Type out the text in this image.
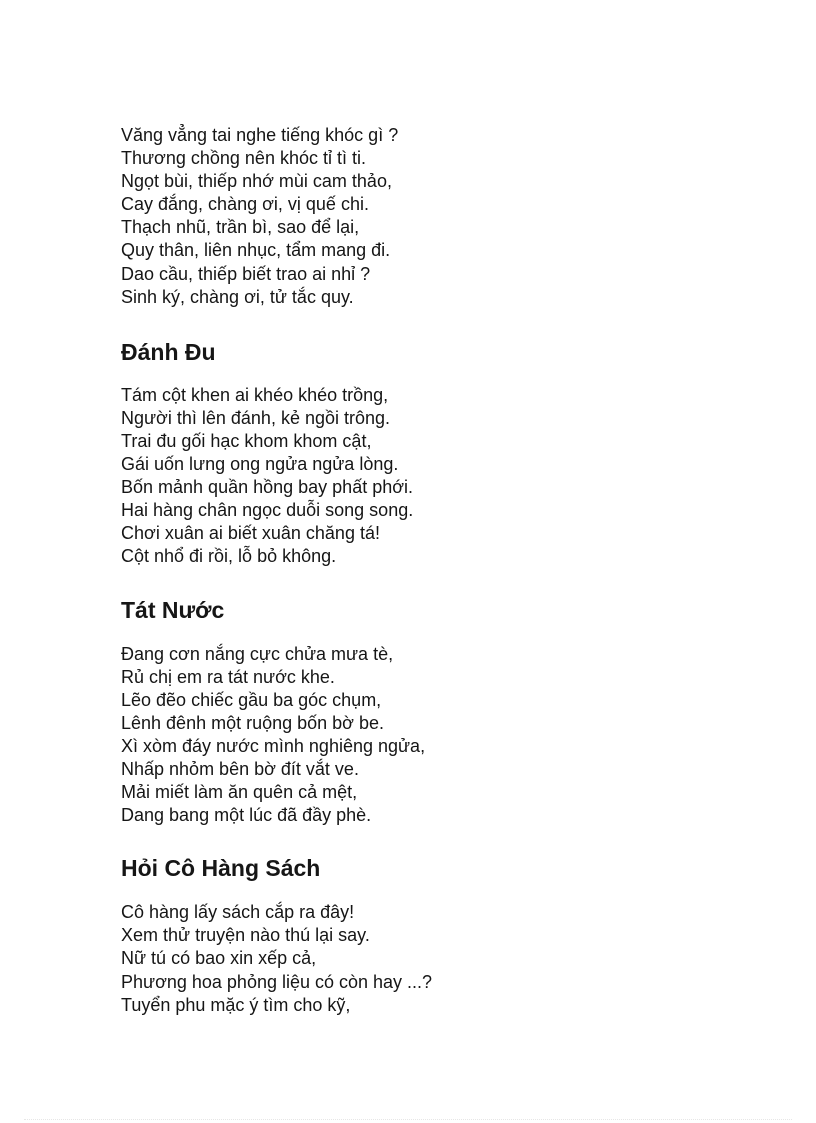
Văng vẳng tai nghe tiếng khóc gì ?
Thương chồng nên khóc tỉ tì ti.
Ngọt bùi, thiếp nhớ mùi cam thảo,
Cay đắng, chàng ơi, vị quế chi.
Thạch nhũ, trần bì, sao để lại,
Quy thân, liên nhục, tẩm mang đi.
Dao cầu, thiếp biết trao ai nhỉ ?
Sinh ký, chàng ơi, tử tắc quy.
Đánh Đu
Tám cột khen ai khéo khéo trồng,
Người thì lên đánh, kẻ ngồi trông.
Trai đu gối hạc khom khom cật,
Gái uốn lưng ong ngửa ngửa lòng.
Bốn mảnh quần hồng bay phất phới.
Hai hàng chân ngọc duỗi song song.
Chơi xuân ai biết xuân chăng tá!
Cột nhổ đi rồi, lỗ bỏ không.
Tát Nước
Đang cơn nắng cực chửa mưa tè,
Rủ chị em ra tát nước khe.
Lẽo đẽo chiếc gầu ba góc chụm,
Lênh đênh một ruộng bốn bờ be.
Xì xòm đáy nước mình nghiêng ngửa,
Nhấp nhỏm bên bờ đít vắt ve.
Mải miết làm ăn quên cả mệt,
Dang bang một lúc đã đầy phè.
Hỏi Cô Hàng Sách
Cô hàng lấy sách cắp ra đây!
Xem thử truyện nào thú lại say.
Nữ tú có bao xin xếp cả,
Phương hoa phỏng liệu có còn hay ...?
Tuyển phu mặc ý tìm cho kỹ,
